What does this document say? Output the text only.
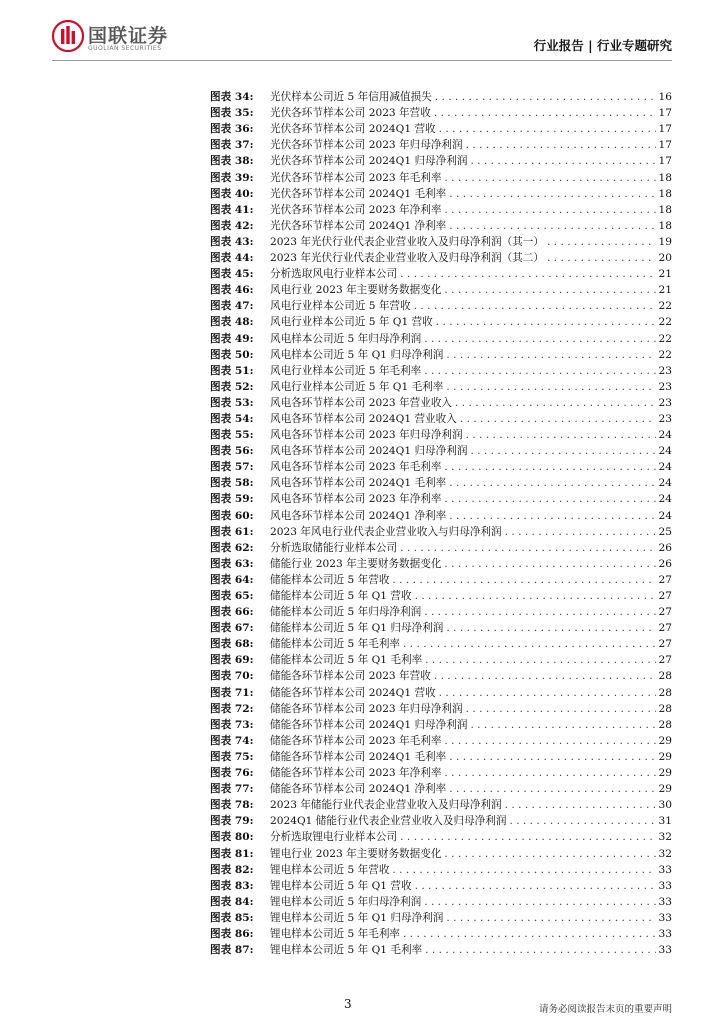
国联证券
GUOLIAN SECURITIES	行业报告 | 行业专题研究
图表 34:	光伏样本公司近 5 年信用减值损失 . . .	16
图表 35:	光伏各环节样本公司 2023 年营收 . . .	17
图表 36:	光伏各环节样本公司 2024Q1 营收 . . .	17
图表 37:	光伏各环节样本公司 2023 年归母净利润 . . .	17
图表 38:	光伏各环节样本公司 2024Q1 归母净利润 . . .	17
图表 39:	光伏各环节样本公司 2023 年毛利率 . . .	18
图表 40:	光伏各环节样本公司 2024Q1 毛利率 . . .	18
图表 41:	光伏各环节样本公司 2023 年净利率 . . .	18
图表 42:	光伏各环节样本公司 2024Q1 净利率 . . .	18
图表 43:	2023 年光伏行业代表企业营业收入及归母净利润（其一） . . .	19
图表 44:	2023 年光伏行业代表企业营业收入及归母净利润（其二） . . .	20
图表 45:	分析选取风电行业样本公司 . . .	21
图表 46:	风电行业 2023 年主要财务数据变化 . . .	21
图表 47:	风电行业样本公司近 5 年营收 . . .	22
图表 48:	风电行业样本公司近 5 年 Q1 营收 . . .	22
图表 49:	风电样本公司近 5 年归母净利润 . . .	22
图表 50:	风电样本公司近 5 年 Q1 归母净利润 . . .	22
图表 51:	风电行业样本公司近 5 年毛利率 . . .	23
图表 52:	风电行业样本公司近 5 年 Q1 毛利率 . . .	23
图表 53:	风电各环节样本公司 2023 年营业收入 . . .	23
图表 54:	风电各环节样本公司 2024Q1 营业收入 . . .	23
图表 55:	风电各环节样本公司 2023 年归母净利润 . . .	24
图表 56:	风电各环节样本公司 2024Q1 归母净利润 . . .	24
图表 57:	风电各环节样本公司 2023 年毛利率 . . .	24
图表 58:	风电各环节样本公司 2024Q1 毛利率 . . .	24
图表 59:	风电各环节样本公司 2023 年净利率 . . .	24
图表 60:	风电各环节样本公司 2024Q1 净利率 . . .	24
图表 61:	2023 年风电行业代表企业营业收入与归母净利润 . . .	25
图表 62:	分析选取储能行业样本公司 . . .	26
图表 63:	储能行业 2023 年主要财务数据变化 . . .	26
图表 64:	储能样本公司近 5 年营收 . . .	27
图表 65:	储能样本公司近 5 年 Q1 营收 . . .	27
图表 66:	储能样本公司近 5 年归母净利润 . . .	27
图表 67:	储能样本公司近 5 年 Q1 归母净利润 . . .	27
图表 68:	储能样本公司近 5 年毛利率 . . .	27
图表 69:	储能样本公司近 5 年 Q1 毛利率 . . .	27
图表 70:	储能各环节样本公司 2023 年营收 . . .	28
图表 71:	储能各环节样本公司 2024Q1 营收 . . .	28
图表 72:	储能各环节样本公司 2023 年归母净利润 . . .	28
图表 73:	储能各环节样本公司 2024Q1 归母净利润 . . .	28
图表 74:	储能各环节样本公司 2023 年毛利率 . . .	29
图表 75:	储能各环节样本公司 2024Q1 毛利率 . . .	29
图表 76:	储能各环节样本公司 2023 年净利率 . . .	29
图表 77:	储能各环节样本公司 2024Q1 净利率 . . .	29
图表 78:	2023 年储能行业代表企业营业收入及归母净利润 . . .	30
图表 79:	2024Q1 储能行业代表企业营业收入及归母净利润 . . .	31
图表 80:	分析选取锂电行业样本公司 . . .	32
图表 81:	锂电行业 2023 年主要财务数据变化 . . .	32
图表 82:	锂电样本公司近 5 年营收 . . .	33
图表 83:	锂电样本公司近 5 年 Q1 营收 . . .	33
图表 84:	锂电样本公司近 5 年归母净利润 . . .	33
图表 85:	锂电样本公司近 5 年 Q1 归母净利润 . . .	33
图表 86:	锂电样本公司近 5 年毛利率 . . .	33
图表 87:	锂电样本公司近 5 年 Q1 毛利率 . . .	33
3	请务必阅读报告末页的重要声明
